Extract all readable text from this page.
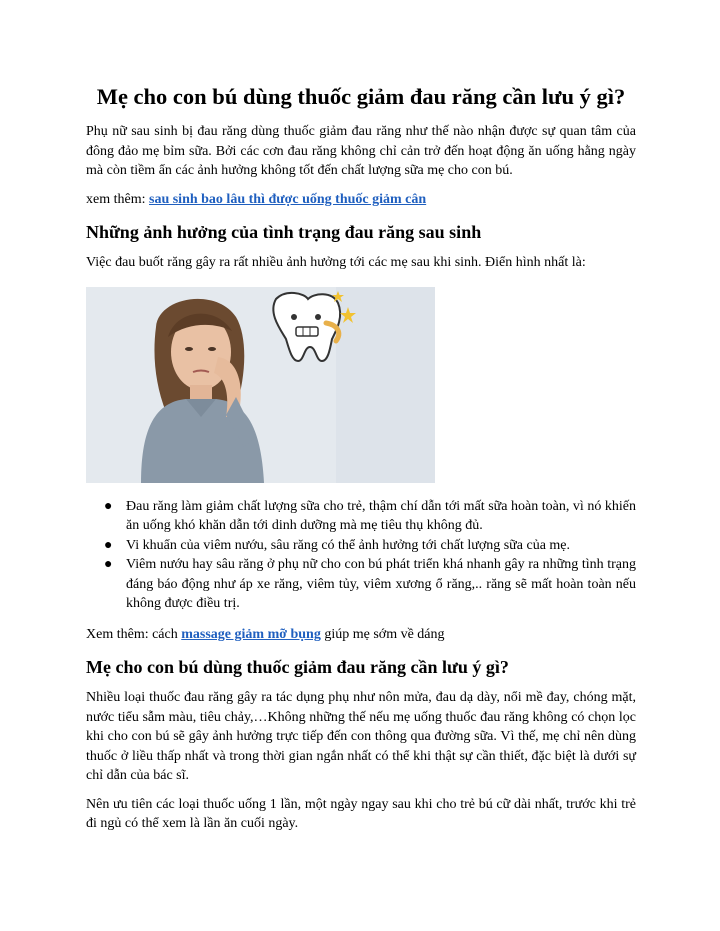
Mẹ cho con bú dùng thuốc giảm đau răng cần lưu ý gì?

Phụ nữ sau sinh bị đau răng dùng thuốc giảm đau răng như thế nào nhận được sự quan tâm của đông đảo mẹ bỉm sữa. Bởi các cơn đau răng không chỉ cản trở đến hoạt động ăn uống hằng ngày mà còn tiềm ẩn các ảnh hưởng không tốt đến chất lượng sữa mẹ cho con bú.

xem thêm: sau sinh bao lâu thì được uống thuốc giảm cân

Những ảnh hưởng của tình trạng đau răng sau sinh

Việc đau buốt răng gây ra rất nhiều ảnh hưởng tới các mẹ sau khi sinh. Điển hình nhất là:

● Đau răng làm giảm chất lượng sữa cho trẻ, thậm chí dẫn tới mất sữa hoàn toàn, vì nó khiến ăn uống khó khăn dẫn tới dinh dưỡng mà mẹ tiêu thụ không đủ.
● Vi khuẩn của viêm nướu, sâu răng có thể ảnh hưởng tới chất lượng sữa của mẹ.
● Viêm nướu hay sâu răng ở phụ nữ cho con bú phát triển khá nhanh gây ra những tình trạng đáng báo động như áp xe răng, viêm tủy, viêm xương ổ răng,.. răng sẽ mất hoàn toàn nếu không được điều trị.

Xem thêm: cách massage giảm mỡ bụng giúp mẹ sớm về dáng

Mẹ cho con bú dùng thuốc giảm đau răng cần lưu ý gì?

Nhiều loại thuốc đau răng gây ra tác dụng phụ như nôn mửa, đau dạ dày, nổi mề đay, chóng mặt, nước tiểu sẫm màu, tiêu chảy,…Không những thế nếu mẹ uống thuốc đau răng không có chọn lọc khi cho con bú sẽ gây ảnh hưởng trực tiếp đến con thông qua đường sữa. Vì thế, mẹ chỉ nên dùng thuốc ở liều thấp nhất và trong thời gian ngắn nhất có thể khi thật sự cần thiết, đặc biệt là dưới sự chỉ dẫn của bác sĩ.

Nên ưu tiên các loại thuốc uống 1 lần, một ngày ngay sau khi cho trẻ bú cữ dài nhất, trước khi trẻ đi ngủ có thể xem là lần ăn cuối ngày.
